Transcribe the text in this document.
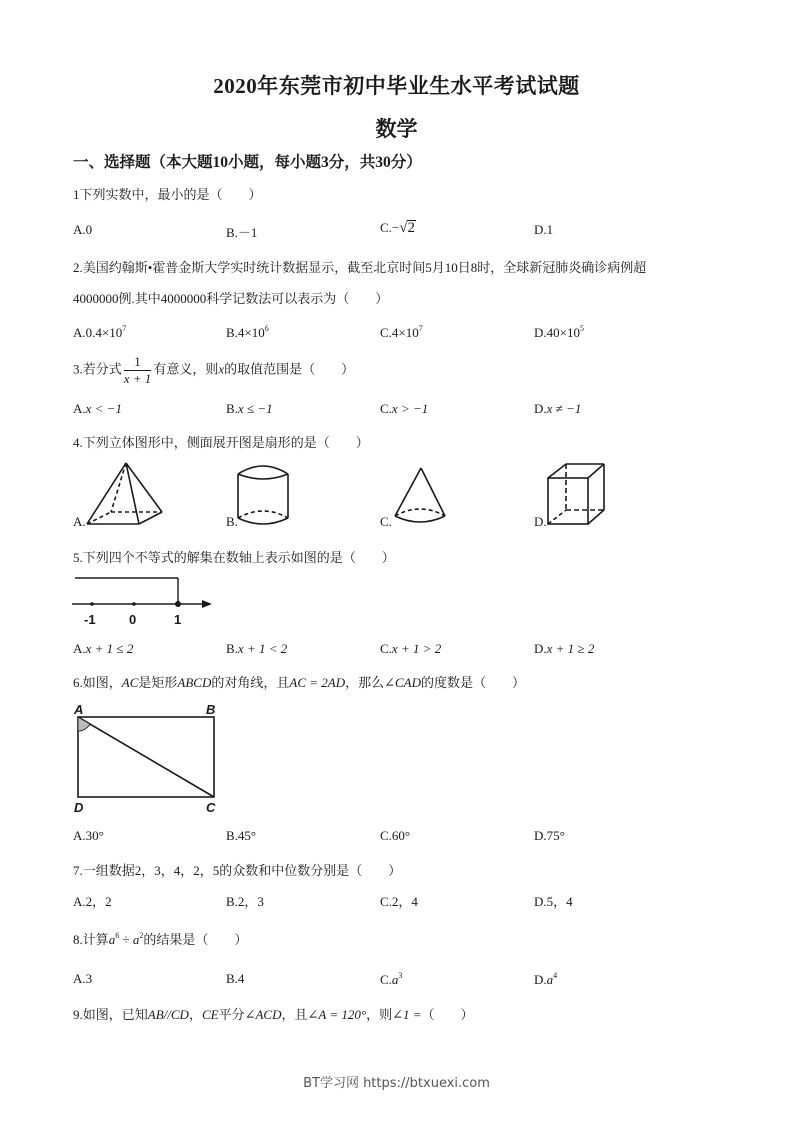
2020年东莞市初中毕业生水平考试试题
数学
一、选择题（本大题10小题，每小题3分，共30分）
1下列实数中，最小的是（　　）
A.0	B.－1	C.−√2	D.1
2.美国约翰斯•霍普金斯大学实时统计数据显示，截至北京时间5月10日8时，全球新冠肺炎确诊病例超
4000000例.其中4000000科学记数法可以表示为（　　）
$A.0.4\times 10^7$	$B.4\times 10^6$	$C.4\times 10^7$	$D.40\times 10^5$
3.若分式 $\frac{1}{x + 1}$ 有意义，则x的取值范围是（　　）
A.x < −1	B.x ≤ −1	C.x > −1	D.x ≠ −1
4.下列立体图形中，侧面展开图是扇形的是（　　）
A.	B.	C.	D.
5.下列四个不等式的解集在数轴上表示如图的是（　　）
-1	0	1
A.x + 1 ≤ 2	B.x + 1 < 2	C.x + 1 > 2	D.x + 1 ≥ 2
6.如图，AC是矩形ABCD的对角线，且AC = 2AD，那么∠CAD的度数是（　　）
A	B
D	C
A.30°	B.45°	C.60°	D.75°
7.一组数据2，3，4，2，5的众数和中位数分别是（　　）
A.2，2	B.2，3	C.2，4	D.5，4
8.计算$a^6 \div a^2$的结果是（　　）
A.3	B.4	$C.a^3$	$D.a^4$
9.如图，已知AB//CD，CE平分∠ACD，且∠A = 120°，则∠1 =（　　）
BT学习网 https://btxuexi.com
